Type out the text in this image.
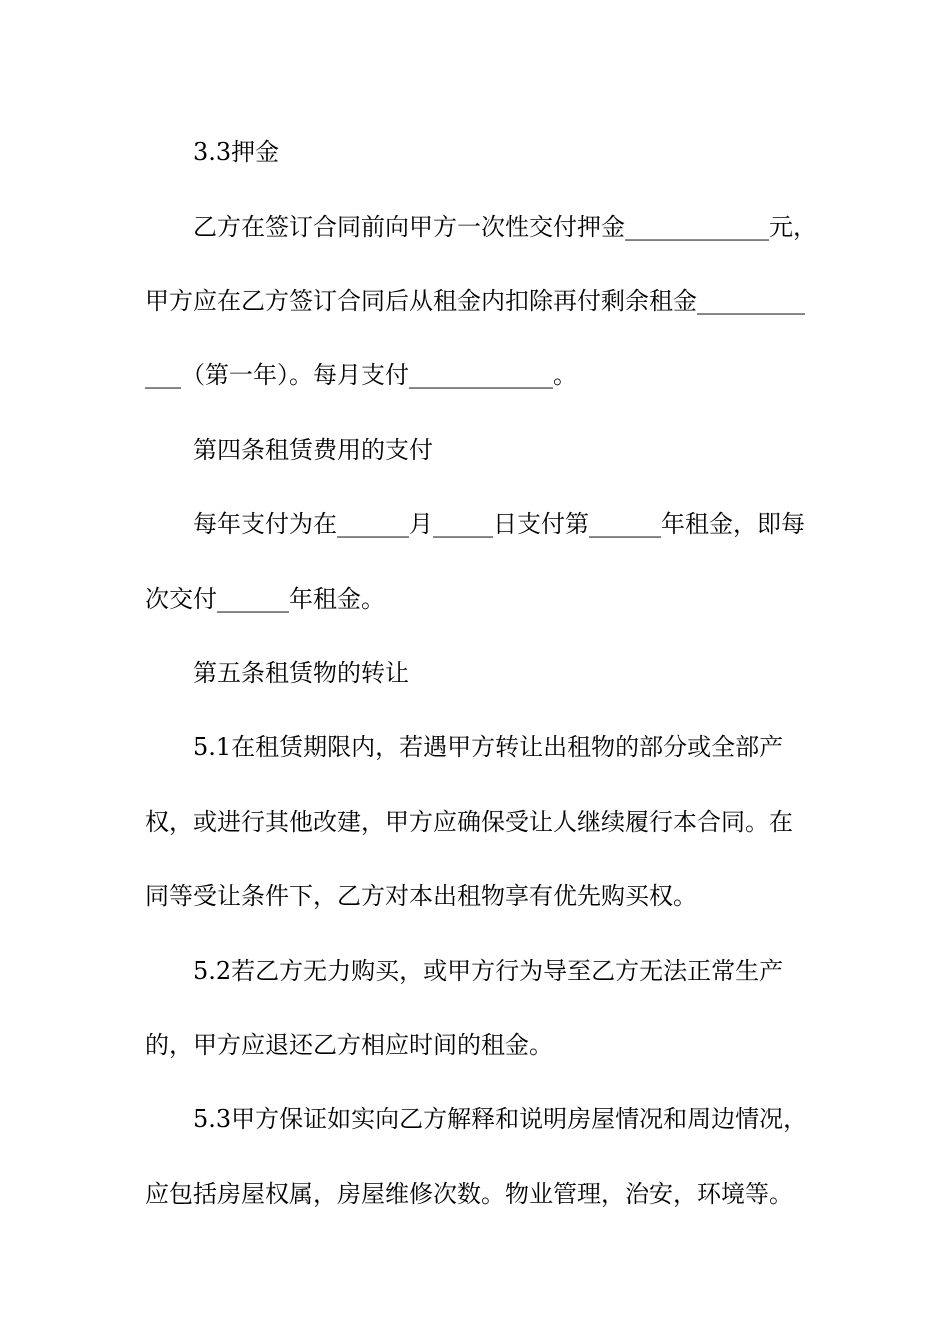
3.3押金
乙方在签订合同前向甲方一次性交付押金____________元，
甲方应在乙方签订合同后从租金内扣除再付剩余租金_________
___（第一年）。每月支付____________。
第四条租赁费用的支付
每年支付为在______月_____日支付第______年租金，即每
次交付______年租金。
第五条租赁物的转让
5.1在租赁期限内，若遇甲方转让出租物的部分或全部产
权，或进行其他改建，甲方应确保受让人继续履行本合同。在
同等受让条件下，乙方对本出租物享有优先购买权。
5.2若乙方无力购买，或甲方行为导至乙方无法正常生产
的，甲方应退还乙方相应时间的租金。
5.3甲方保证如实向乙方解释和说明房屋情况和周边情况，
应包括房屋权属，房屋维修次数。物业管理，治安，环境等。
